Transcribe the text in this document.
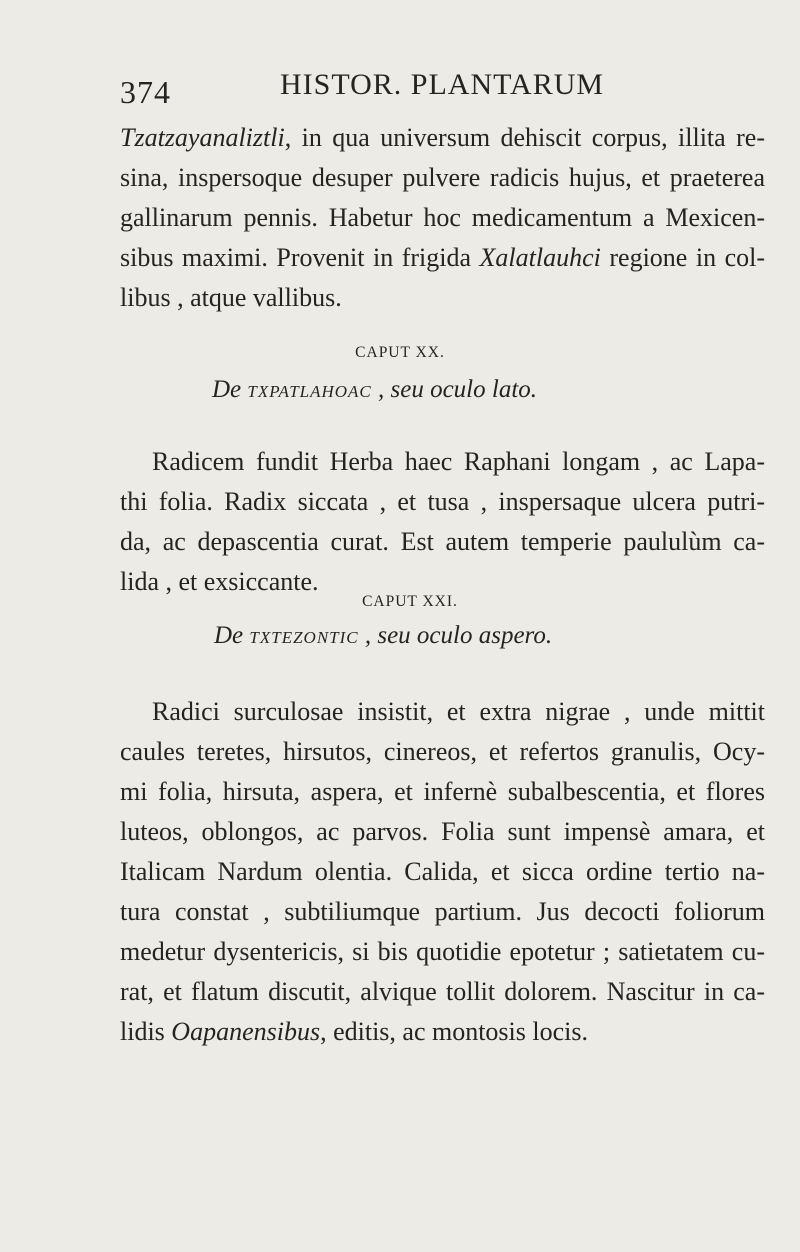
374	HISTOR. PLANTARUM
Tzatzayanaliztli, in qua universum dehiscit corpus, illita re-
sina, inspersoque desuper pulvere radicis hujus, et praeterea
gallinarum pennis. Habetur hoc medicamentum a Mexicen-
sibus maximi. Provenit in frigida Xalatlauhci regione in col-
libus , atque vallibus.
CAPUT XX.
De TXPATLAHOAC , seu oculo lato.
Radicem fundit Herba haec Raphani longam , ac Lapa-
thi folia. Radix siccata , et tusa , inspersaque ulcera putri-
da, ac depascentia curat. Est autem temperie paululùm ca-
lida , et exsiccante.
CAPUT XXI.
De TXTEZONTIC , seu oculo aspero.
Radici surculosae insistit, et extra nigrae , unde mittit
caules teretes, hirsutos, cinereos, et refertos granulis, Ocy-
mi folia, hirsuta, aspera, et infernè subalbescentia, et flores
luteos, oblongos, ac parvos. Folia sunt impensè amara, et
Italicam Nardum olentia. Calida, et sicca ordine tertio na-
tura constat , subtiliumque partium. Jus decocti foliorum
medetur dysentericis, si bis quotidie epotetur ; satietatem cu-
rat, et flatum discutit, alvique tollit dolorem. Nascitur in ca-
lidis Oapanensibus, editis, ac montosis locis.
